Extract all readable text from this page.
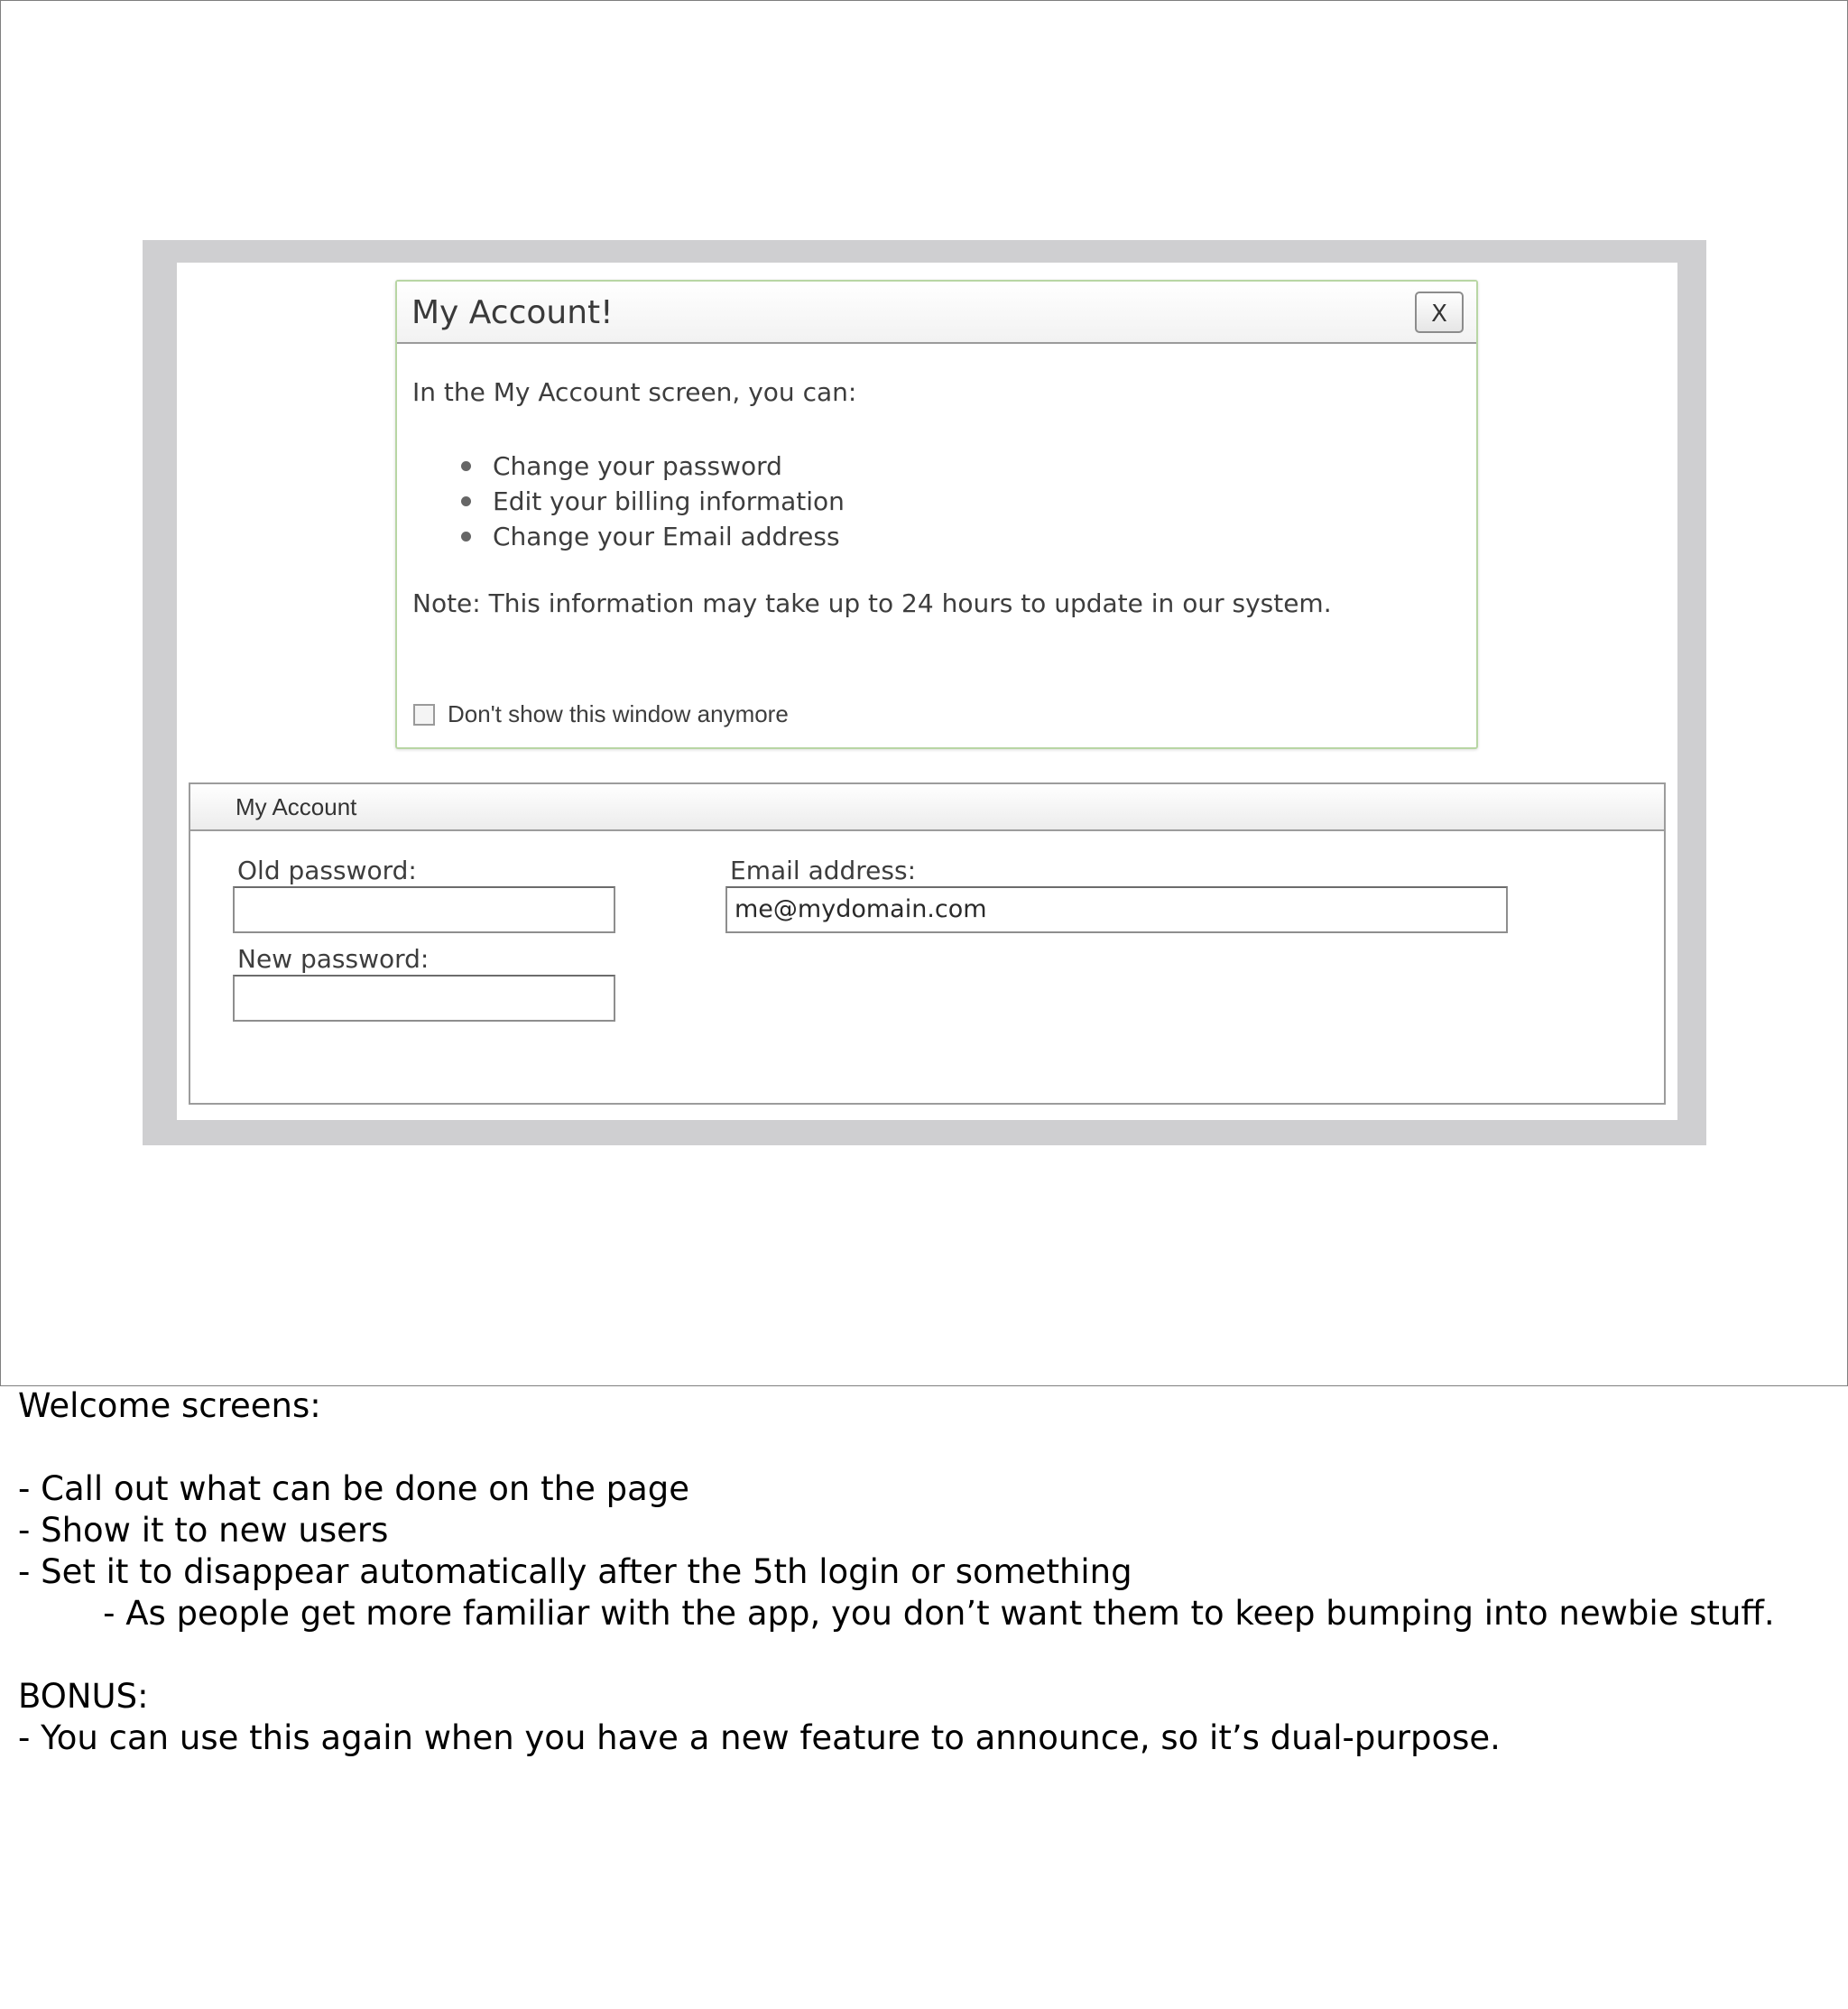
My Account!	X
In the My Account screen, you can:
Change your password
Edit your billing information
Change your Email address
Note: This information may take up to 24 hours to update in our system.
Don't show this window anymore
My Account
Old password:
New password:
Email address:
me@mydomain.com

Welcome screens:

- Call out what can be done on the page

- Show it to new users

- Set it to disappear automatically after the 5th login or something

- As people get more familiar with the app, you don’t want them to keep bumping into newbie stuff.

BONUS:

- You can use this again when you have a new feature to announce, so it’s dual-purpose.
